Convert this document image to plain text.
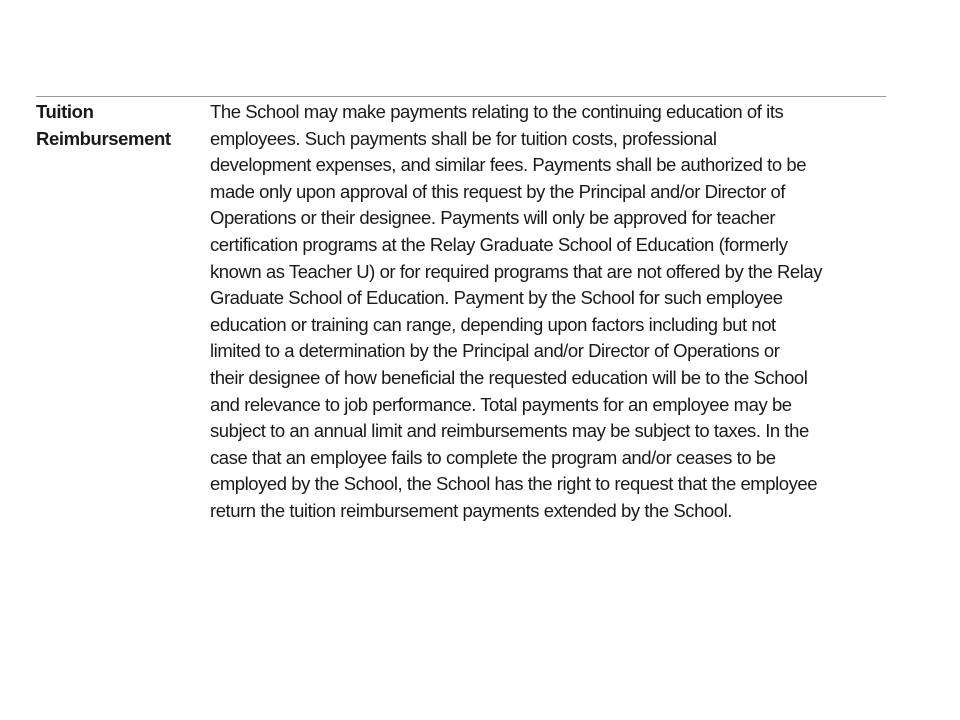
Tuition
Reimbursement
The School may make payments relating to the continuing education of its
employees. Such payments shall be for tuition costs, professional
development expenses, and similar fees. Payments shall be authorized to be
made only upon approval of this request by the Principal and/or Director of
Operations or their designee. Payments will only be approved for teacher
certification programs at the Relay Graduate School of Education (formerly
known as Teacher U) or for required programs that are not offered by the Relay
Graduate School of Education. Payment by the School for such employee
education or training can range, depending upon factors including but not
limited to a determination by the Principal and/or Director of Operations or
their designee of how beneficial the requested education will be to the School
and relevance to job performance. Total payments for an employee may be
subject to an annual limit and reimbursements may be subject to taxes. In the
case that an employee fails to complete the program and/or ceases to be
employed by the School, the School has the right to request that the employee
return the tuition reimbursement payments extended by the School.
